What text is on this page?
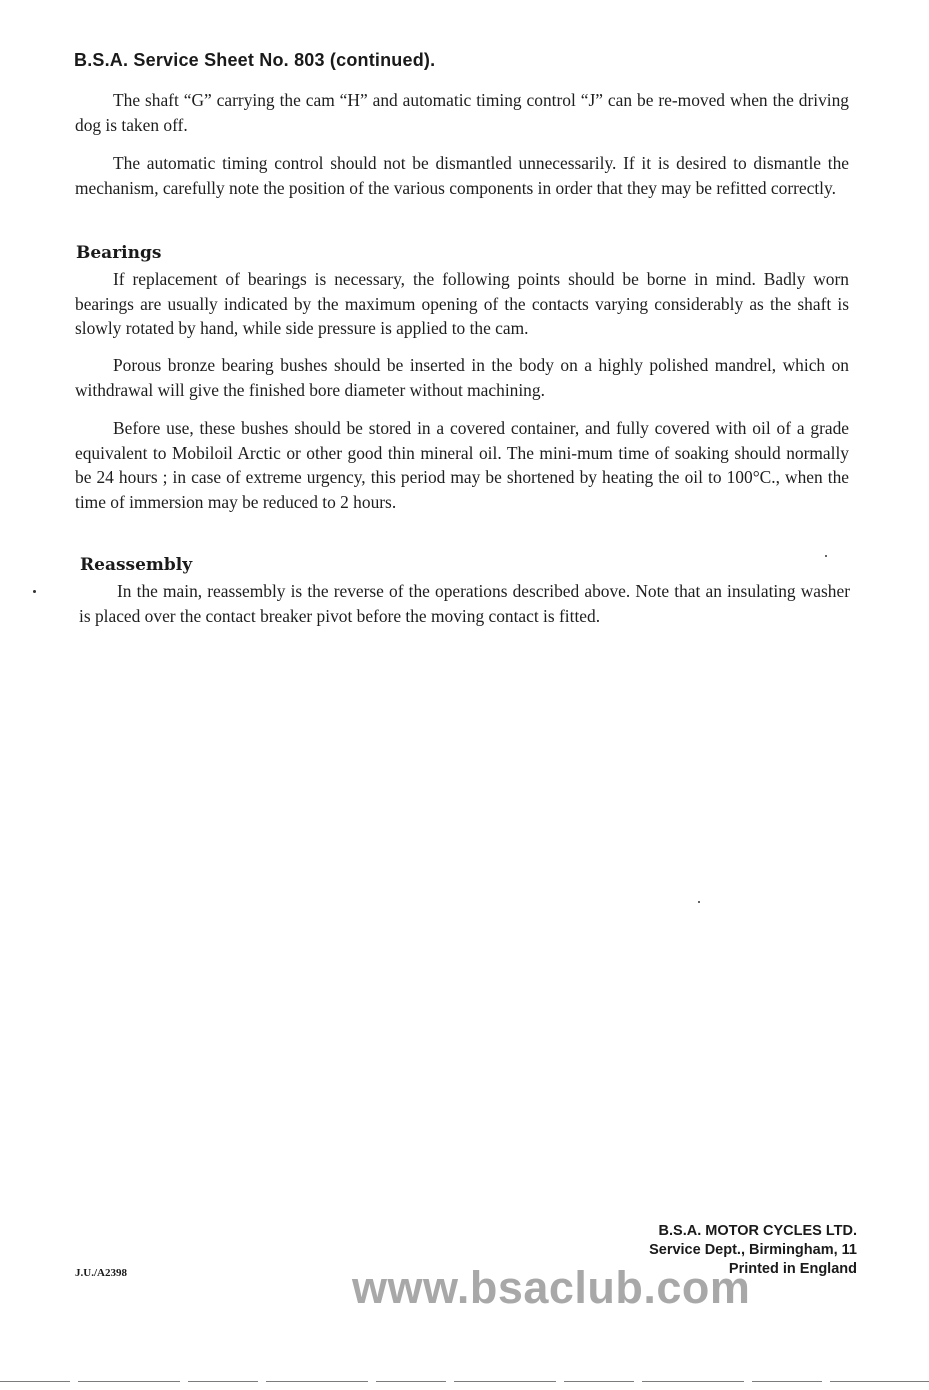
B.S.A. Service Sheet No. 803 (continued).

The shaft “G” carrying the cam “H” and automatic timing control “J” can be re-moved when the driving dog is taken off.

The automatic timing control should not be dismantled unnecessarily. If it is desired to dismantle the mechanism, carefully note the position of the various components in order that they may be refitted correctly.

Bearings

If replacement of bearings is necessary, the following points should be borne in mind. Badly worn bearings are usually indicated by the maximum opening of the contacts varying considerably as the shaft is slowly rotated by hand, while side pressure is applied to the cam.

Porous bronze bearing bushes should be inserted in the body on a highly polished mandrel, which on withdrawal will give the finished bore diameter without machining.

Before use, these bushes should be stored in a covered container, and fully covered with oil of a grade equivalent to Mobiloil Arctic or other good thin mineral oil. The mini-mum time of soaking should normally be 24 hours ; in case of extreme urgency, this period may be shortened by heating the oil to 100°C., when the time of immersion may be reduced to 2 hours.

Reassembly

In the main, reassembly is the reverse of the operations described above. Note that an insulating washer is placed over the contact breaker pivot before the moving contact is fitted.

B.S.A. MOTOR CYCLES LTD.
Service Dept., Birmingham, 11
Printed in England
J.U./A2398	www.bsaclub.com
